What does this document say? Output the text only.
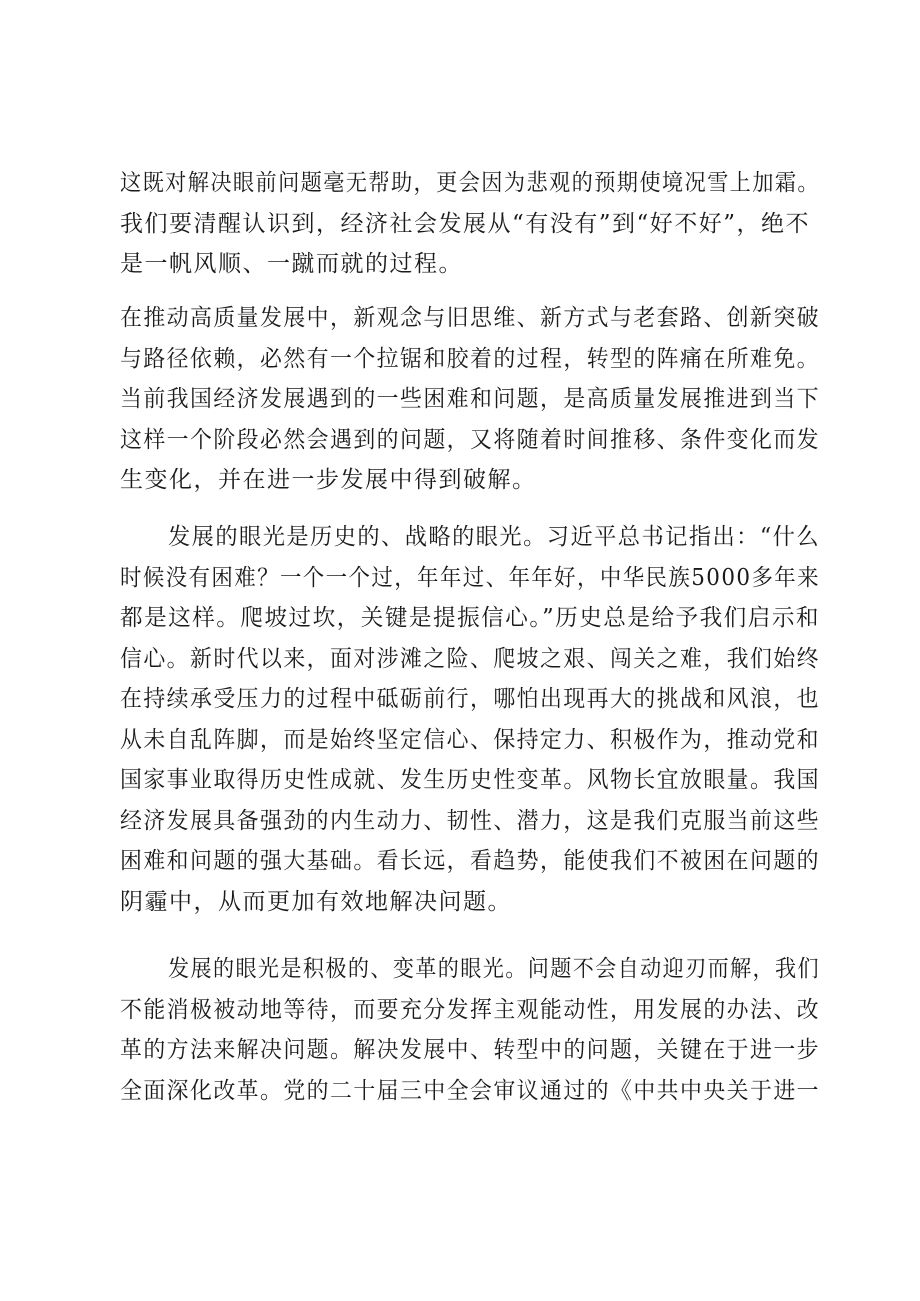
这既对解决眼前问题毫无帮助，更会因为悲观的预期使境况雪上加霜。
我们要清醒认识到，经济社会发展从“有没有”到“好不好”，绝不
是一帆风顺、一蹴而就的过程。
在推动高质量发展中，新观念与旧思维、新方式与老套路、创新突破
与路径依赖，必然有一个拉锯和胶着的过程，转型的阵痛在所难免。
当前我国经济发展遇到的一些困难和问题，是高质量发展推进到当下
这样一个阶段必然会遇到的问题，又将随着时间推移、条件变化而发
生变化，并在进一步发展中得到破解。
发展的眼光是历史的、战略的眼光。习近平总书记指出：“什么
时候没有困难？一个一个过，年年过、年年好，中华民族5000多年来
都是这样。爬坡过坎，关键是提振信心。”历史总是给予我们启示和
信心。新时代以来，面对涉滩之险、爬坡之艰、闯关之难，我们始终
在持续承受压力的过程中砥砺前行，哪怕出现再大的挑战和风浪，也
从未自乱阵脚，而是始终坚定信心、保持定力、积极作为，推动党和
国家事业取得历史性成就、发生历史性变革。风物长宜放眼量。我国
经济发展具备强劲的内生动力、韧性、潜力，这是我们克服当前这些
困难和问题的强大基础。看长远，看趋势，能使我们不被困在问题的
阴霾中，从而更加有效地解决问题。
发展的眼光是积极的、变革的眼光。问题不会自动迎刃而解，我们
不能消极被动地等待，而要充分发挥主观能动性，用发展的办法、改
革的方法来解决问题。解决发展中、转型中的问题，关键在于进一步
全面深化改革。党的二十届三中全会审议通过的《中共中央关于进一
